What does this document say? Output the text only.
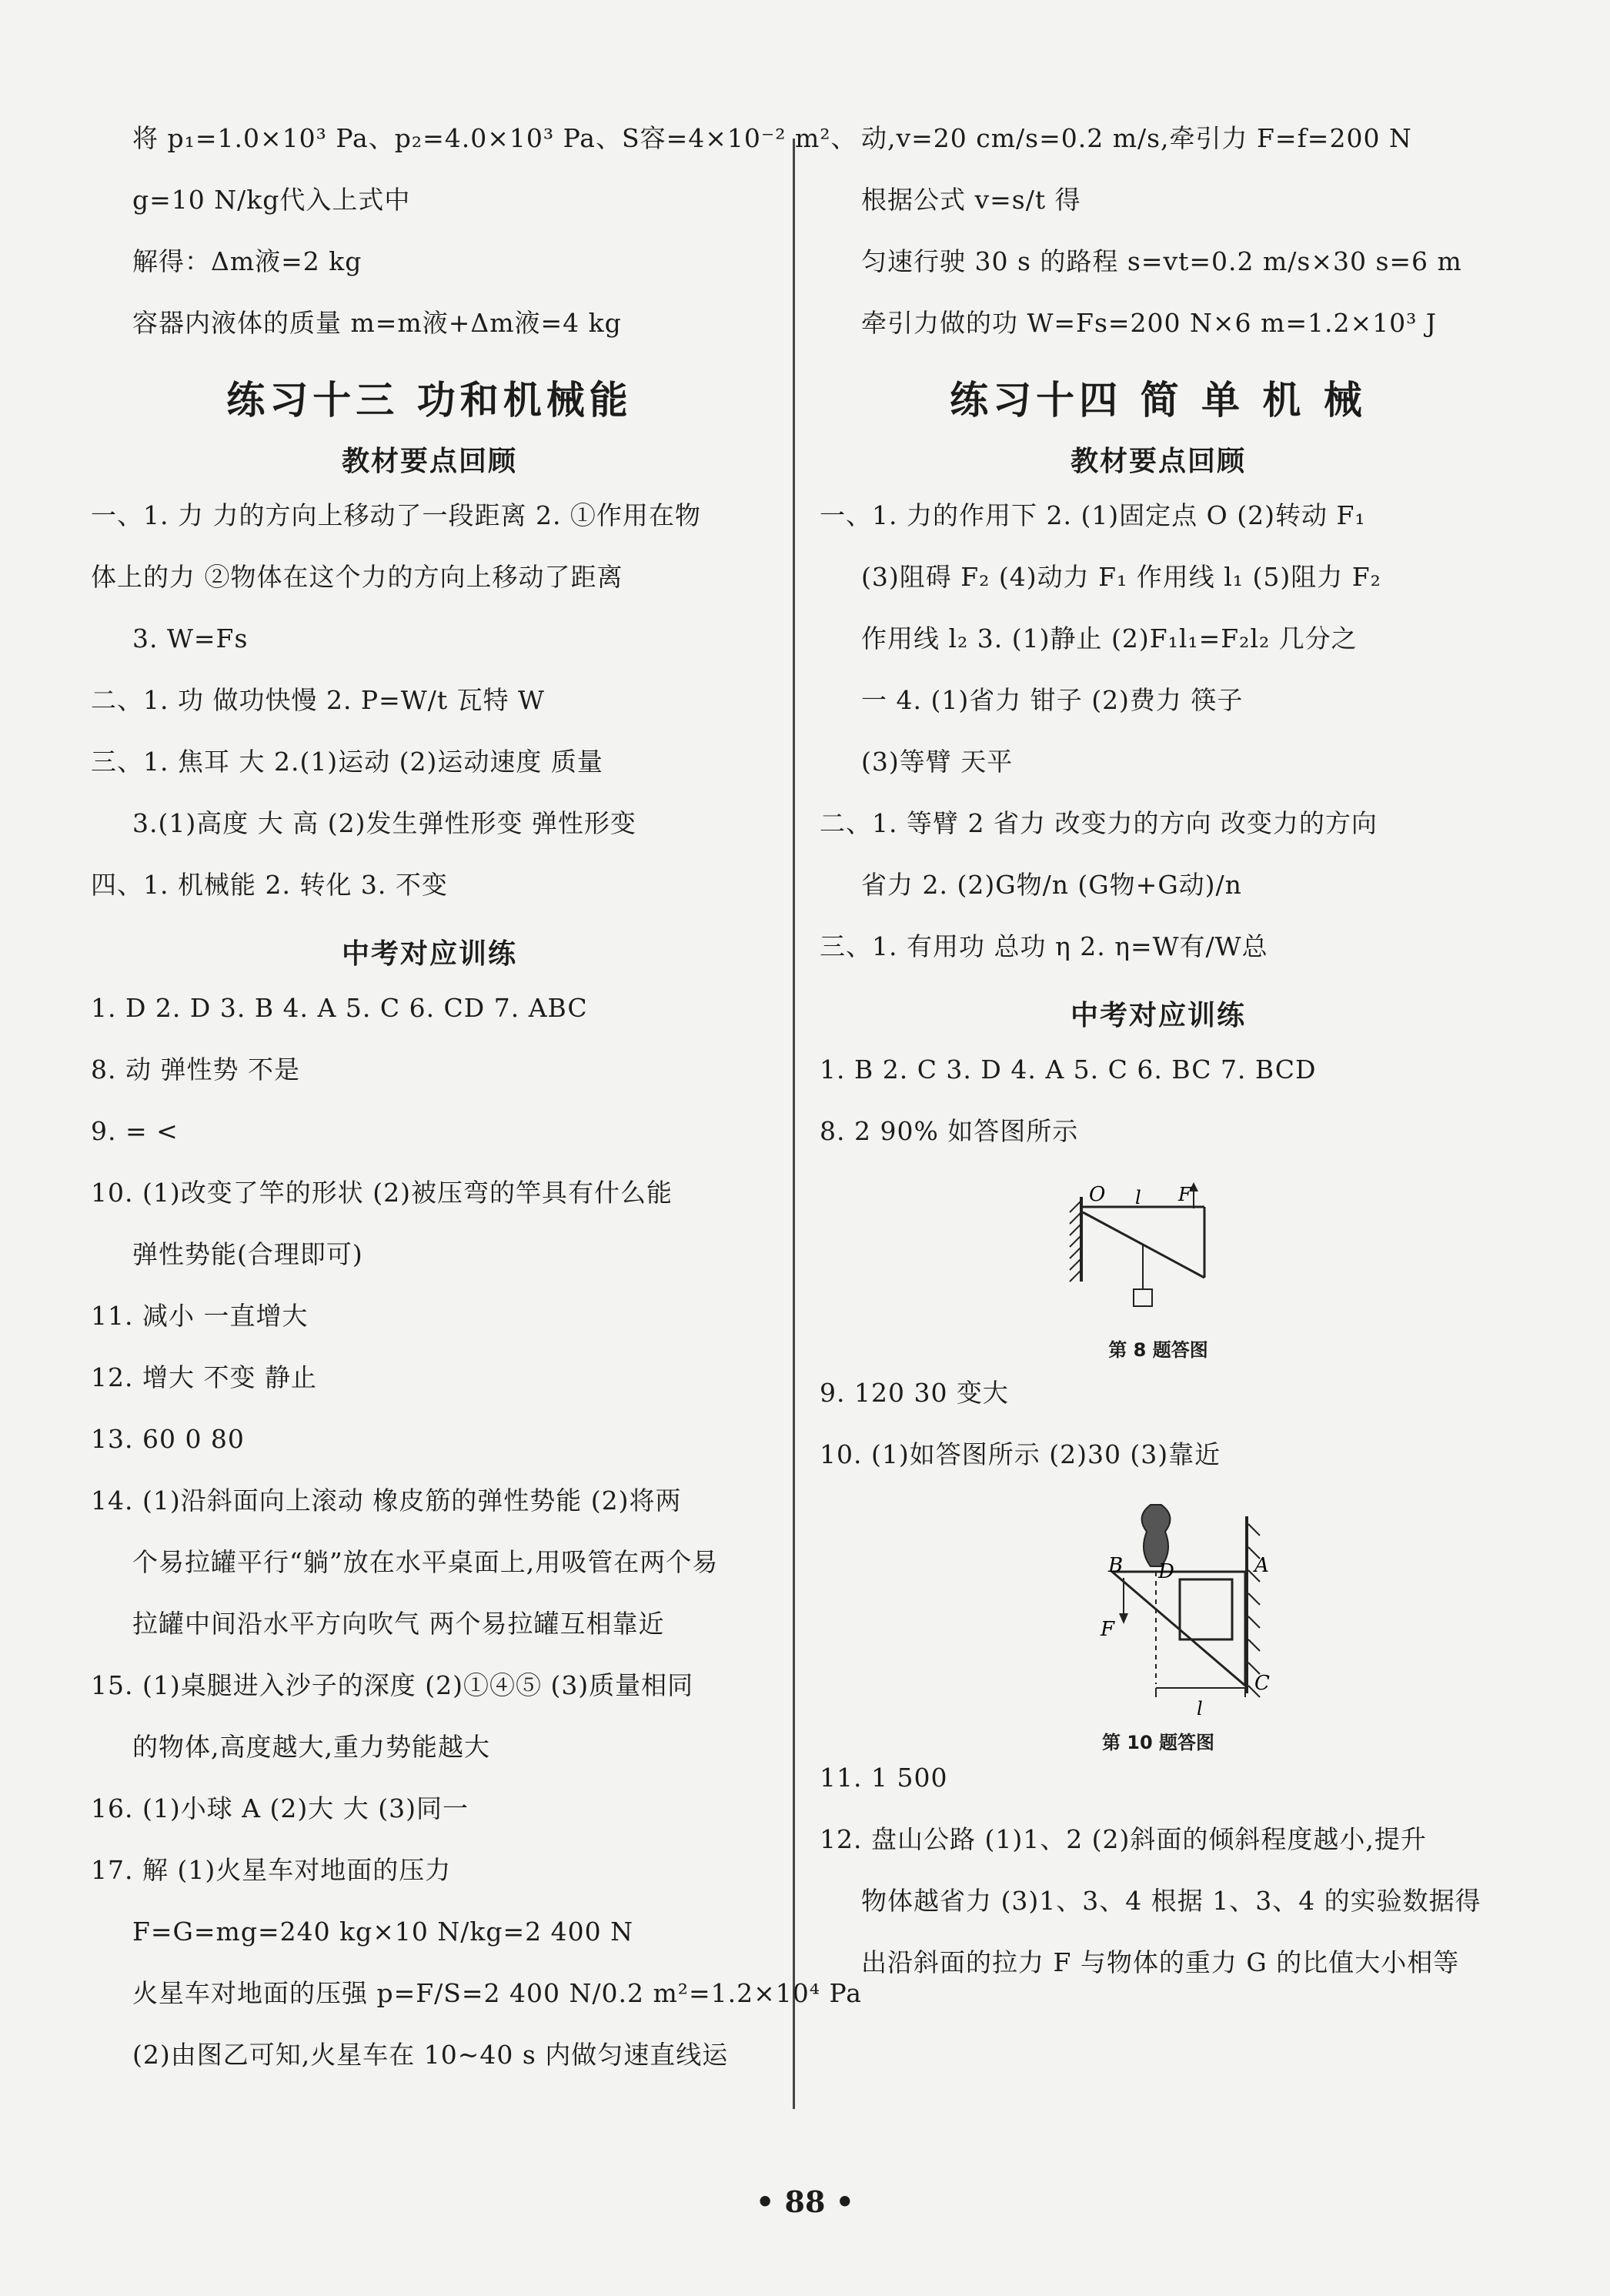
将 p₁=1.0×10³ Pa、p₂=4.0×10³ Pa、S容=4×10⁻² m²、
g=10 N/kg代入上式中
解得：Δm液=2 kg
容器内液体的质量 m=m液+Δm液=4 kg
练习十三 功和机械能
教材要点回顾
一、1. 力 力的方向上移动了一段距离 2. ①作用在物
体上的力 ②物体在这个力的方向上移动了距离
3. W=Fs
二、1. 功 做功快慢 2. P=W/t 瓦特 W
三、1. 焦耳 大 2.(1)运动 (2)运动速度 质量
3.(1)高度 大 高 (2)发生弹性形变 弹性形变
四、1. 机械能 2. 转化 3. 不变
中考对应训练
1. D 2. D 3. B 4. A 5. C 6. CD 7. ABC
8. 动 弹性势 不是
9. = <
10. (1)改变了竿的形状 (2)被压弯的竿具有什么能
弹性势能(合理即可)
11. 减小 一直增大
12. 增大 不变 静止
13. 60 0 80
14. (1)沿斜面向上滚动 橡皮筋的弹性势能 (2)将两
个易拉罐平行“躺”放在水平桌面上,用吸管在两个易
拉罐中间沿水平方向吹气 两个易拉罐互相靠近
15. (1)桌腿进入沙子的深度 (2)①④⑤ (3)质量相同
的物体,高度越大,重力势能越大
16. (1)小球 A (2)大 大 (3)同一
17. 解 (1)火星车对地面的压力
F=G=mg=240 kg×10 N/kg=2 400 N
火星车对地面的压强 p=F/S=2 400 N/0.2 m²=1.2×10⁴ Pa
(2)由图乙可知,火星车在 10~40 s 内做匀速直线运
动,v=20 cm/s=0.2 m/s,牵引力 F=f=200 N
根据公式 v=s/t 得
匀速行驶 30 s 的路程 s=vt=0.2 m/s×30 s=6 m
牵引力做的功 W=Fs=200 N×6 m=1.2×10³ J
练习十四 简 单 机 械
教材要点回顾
一、1. 力的作用下 2. (1)固定点 O (2)转动 F₁
(3)阻碍 F₂ (4)动力 F₁ 作用线 l₁ (5)阻力 F₂
作用线 l₂ 3. (1)静止 (2)F₁l₁=F₂l₂ 几分之
一 4. (1)省力 钳子 (2)费力 筷子
(3)等臂 天平
二、1. 等臂 2 省力 改变力的方向 改变力的方向
省力 2. (2)G物/n (G物+G动)/n
三、1. 有用功 总功 η 2. η=W有/W总
中考对应训练
1. B 2. C 3. D 4. A 5. C 6. BC 7. BCD
8. 2 90% 如答图所示
O l F
第 8 题答图
9. 120 30 变大
10. (1)如答图所示 (2)30 (3)靠近
B D	A
F
C
l
第 10 题答图
11. 1 500
12. 盘山公路 (1)1、2 (2)斜面的倾斜程度越小,提升
物体越省力 (3)1、3、4 根据 1、3、4 的实验数据得
出沿斜面的拉力 F 与物体的重力 G 的比值大小相等
• 88 •
